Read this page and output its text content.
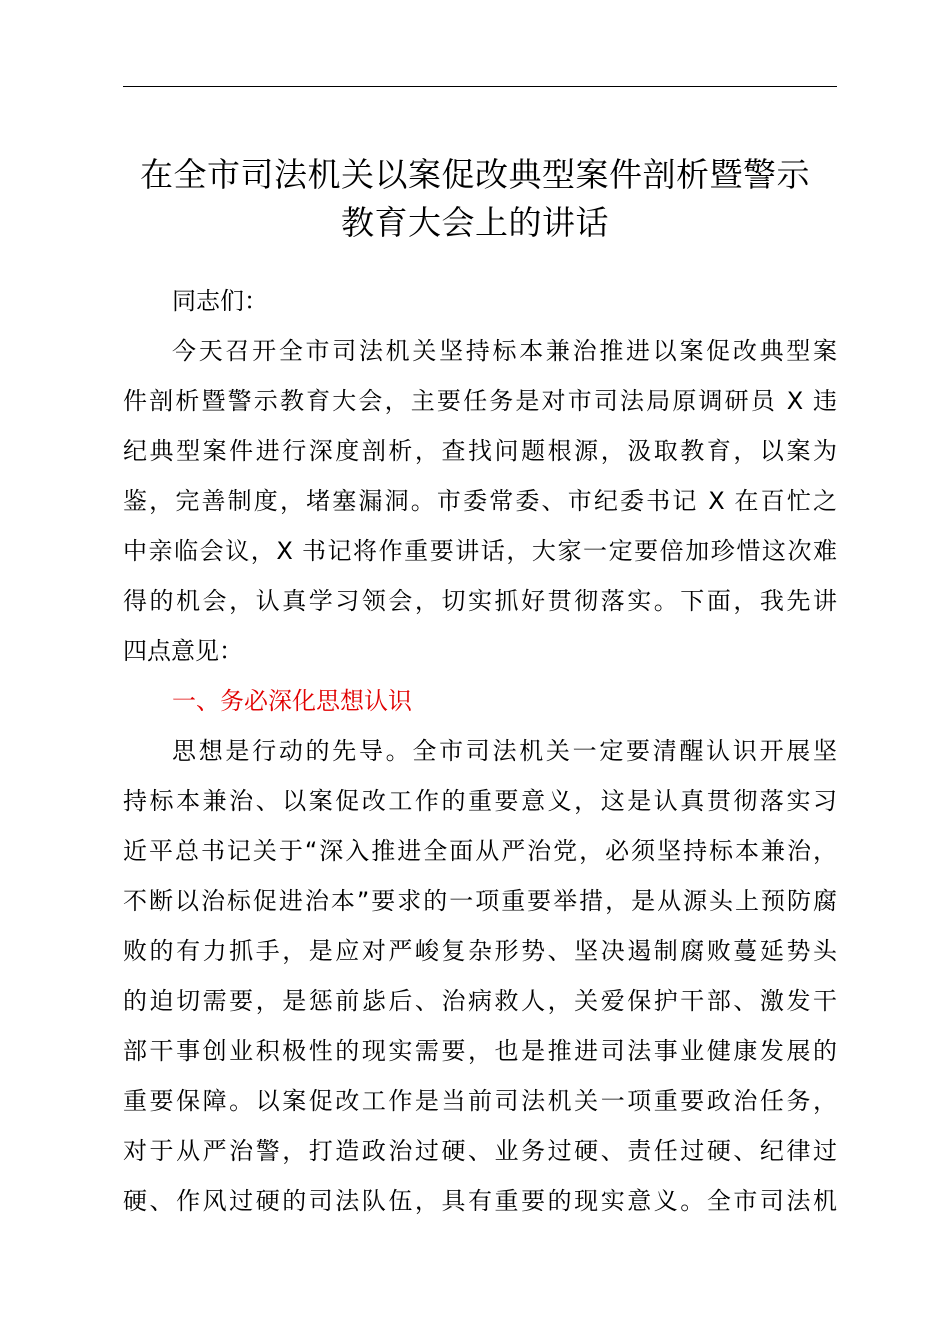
在全市司法机关以案促改典型案件剖析暨警示
教育大会上的讲话
同志们：
今天召开全市司法机关坚持标本兼治推进以案促改典型案
件剖析暨警示教育大会，主要任务是对市司法局原调研员 X 违
纪典型案件进行深度剖析，查找问题根源，汲取教育，以案为
鉴，完善制度，堵塞漏洞。市委常委、市纪委书记 X 在百忙之
中亲临会议，X 书记将作重要讲话，大家一定要倍加珍惜这次难
得的机会，认真学习领会，切实抓好贯彻落实。下面，我先讲
四点意见：
一、务必深化思想认识
思想是行动的先导。全市司法机关一定要清醒认识开展坚
持标本兼治、以案促改工作的重要意义，这是认真贯彻落实习
近平总书记关于“深入推进全面从严治党，必须坚持标本兼治，
不断以治标促进治本”要求的一项重要举措，是从源头上预防腐
败的有力抓手，是应对严峻复杂形势、坚决遏制腐败蔓延势头
的迫切需要，是惩前毖后、治病救人，关爱保护干部、激发干
部干事创业积极性的现实需要，也是推进司法事业健康发展的
重要保障。以案促改工作是当前司法机关一项重要政治任务，
对于从严治警，打造政治过硬、业务过硬、责任过硬、纪律过
硬、作风过硬的司法队伍，具有重要的现实意义。全市司法机
